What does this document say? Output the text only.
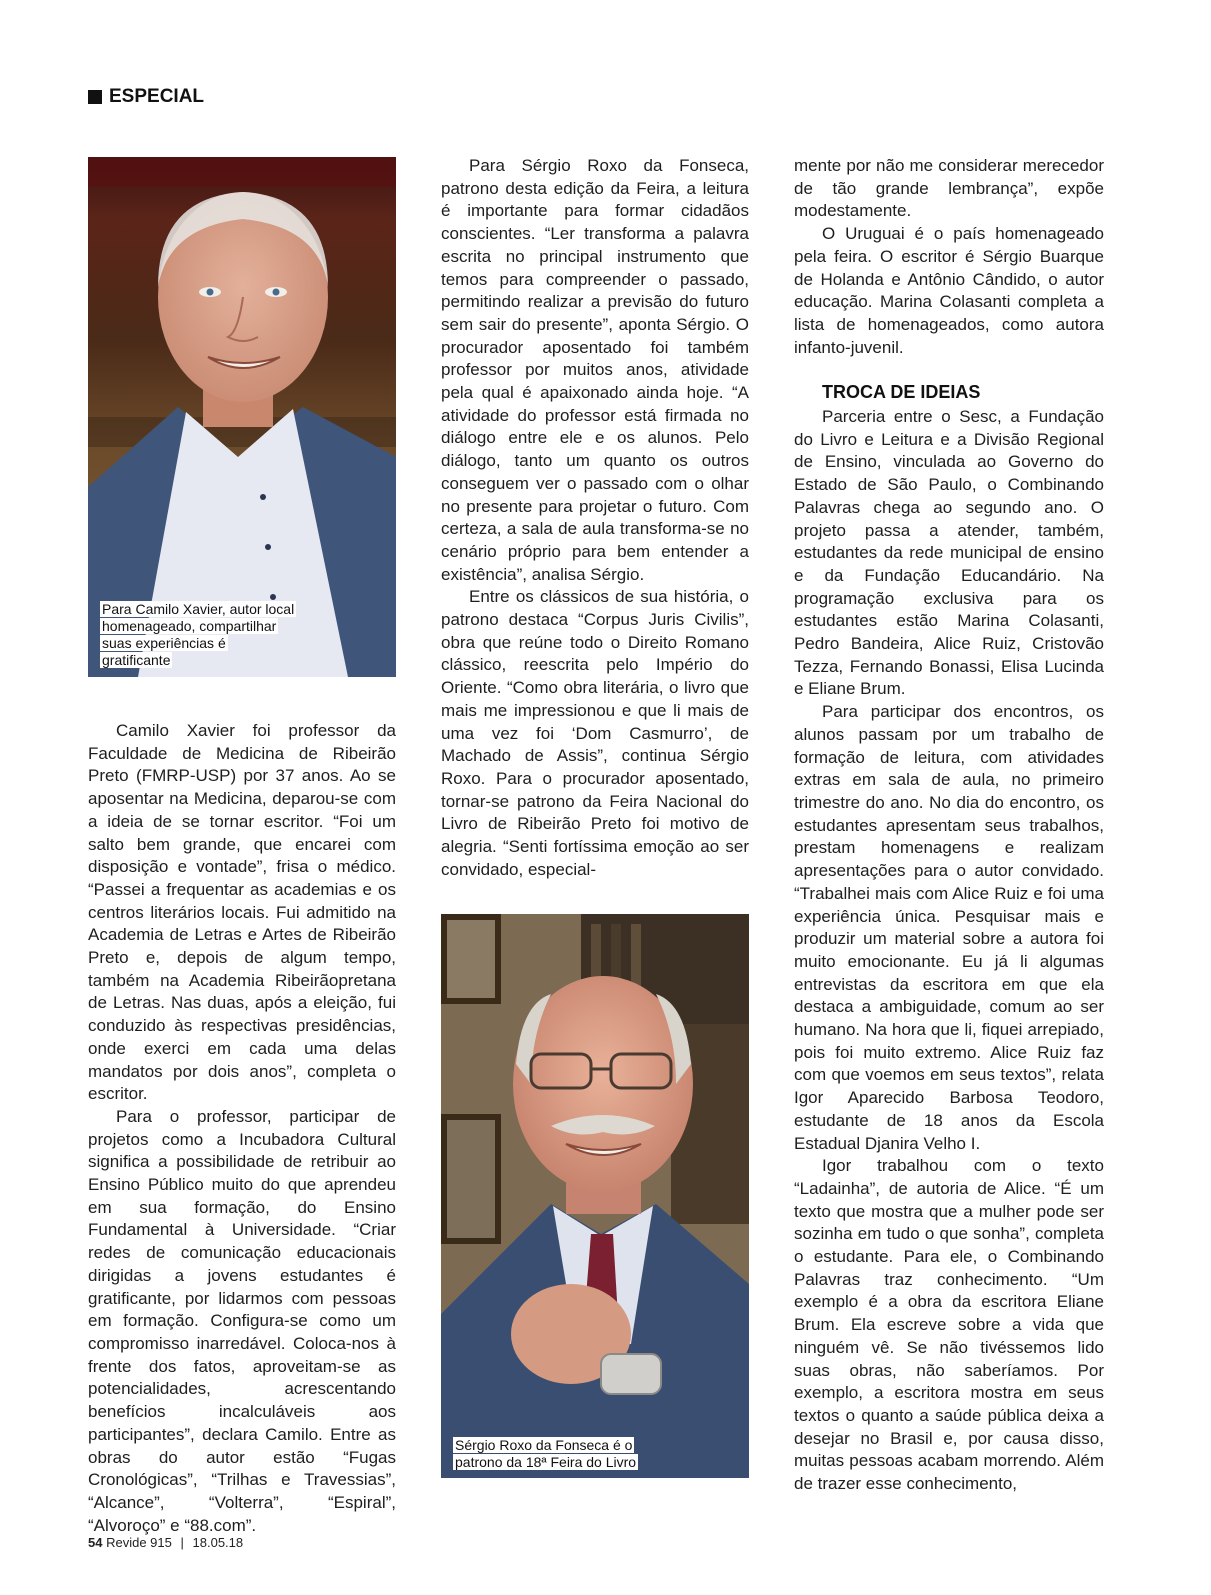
ESPECIAL
Para Camilo Xavier, autor local homenageado, compartilhar suas experiências é gratificante
Sérgio Roxo da Fonseca é o patrono da 18ª Feira do Livro

Camilo Xavier foi professor da Faculdade de Medicina de Ribeirão Preto (FMRP-USP) por 37 anos. Ao se aposentar na Medicina, deparou-se com a ideia de se tornar escritor. “Foi um salto bem grande, que encarei com disposição e vontade”, frisa o médico. “Passei a frequentar as academias e os centros literários locais. Fui admitido na Academia de Letras e Artes de Ribeirão Preto e, depois de algum tempo, também na Academia Ribeirãopretana de Letras. Nas duas, após a eleição, fui conduzido às respectivas presidências, onde exerci em cada uma delas mandatos por dois anos”, completa o escritor.

Para o professor, participar de projetos como a Incubadora Cultural significa a possibilidade de retribuir ao Ensino Público muito do que aprendeu em sua formação, do Ensino Fundamental à Universidade. “Criar redes de comunicação educacionais dirigidas a jovens estudantes é gratificante, por lidarmos com pessoas em formação. Configura-se como um compromisso inarredável. Coloca-nos à frente dos fatos, aproveitam-se as potencialidades, acrescentando benefícios incalculáveis aos participantes”, declara Camilo. Entre as obras do autor estão “Fugas Cronológicas”, “Trilhas e Travessias”, “Alcance”, “Volterra”, “Espiral”, “Alvoroço” e “88.com”.

Para Sérgio Roxo da Fonseca, patrono desta edição da Feira, a leitura é importante para formar cidadãos conscientes. “Ler transforma a palavra escrita no principal instrumento que temos para compreender o passado, permitindo realizar a previsão do futuro sem sair do presente”, aponta Sérgio. O procurador aposentado foi também professor por muitos anos, atividade pela qual é apaixonado ainda hoje. “A atividade do professor está firmada no diálogo entre ele e os alunos. Pelo diálogo, tanto um quanto os outros conseguem ver o passado com o olhar no presente para projetar o futuro. Com certeza, a sala de aula transforma-se no cenário próprio para bem entender a existência”, analisa Sérgio.

Entre os clássicos de sua história, o patrono destaca “Corpus Juris Civilis”, obra que reúne todo o Direito Romano clássico, reescrita pelo Império do Oriente. “Como obra literária, o livro que mais me impressionou e que li mais de uma vez foi ‘Dom Casmurro’, de Machado de Assis”, continua Sérgio Roxo. Para o procurador aposentado, tornar-se patrono da Feira Nacional do Livro de Ribeirão Preto foi motivo de alegria. “Senti fortíssima emoção ao ser convidado, especial-

mente por não me considerar merecedor de tão grande lembrança”, expõe modestamente.

O Uruguai é o país homenageado pela feira. O escritor é Sérgio Buarque de Holanda e Antônio Cândido, o autor educação. Marina Colasanti completa a lista de homenageados, como autora infanto-juvenil.

TROCA DE IDEIAS

Parceria entre o Sesc, a Fundação do Livro e Leitura e a Divisão Regional de Ensino, vinculada ao Governo do Estado de São Paulo, o Combinando Palavras chega ao segundo ano. O projeto passa a atender, também, estudantes da rede municipal de ensino e da Fundação Educandário. Na programação exclusiva para os estudantes estão Marina Colasanti, Pedro Bandeira, Alice Ruiz, Cristovão Tezza, Fernando Bonassi, Elisa Lucinda e Eliane Brum.

Para participar dos encontros, os alunos passam por um trabalho de formação de leitura, com atividades extras em sala de aula, no primeiro trimestre do ano. No dia do encontro, os estudantes apresentam seus trabalhos, prestam homenagens e realizam apresentações para o autor convidado. “Trabalhei mais com Alice Ruiz e foi uma experiência única. Pesquisar mais e produzir um material sobre a autora foi muito emocionante. Eu já li algumas entrevistas da escritora em que ela destaca a ambiguidade, comum ao ser humano. Na hora que li, fiquei arrepiado, pois foi muito extremo. Alice Ruiz faz com que voemos em seus textos”, relata Igor Aparecido Barbosa Teodoro, estudante de 18 anos da Escola Estadual Djanira Velho I.

Igor trabalhou com o texto “Ladainha”, de autoria de Alice. “É um texto que mostra que a mulher pode ser sozinha em tudo o que sonha”, completa o estudante. Para ele, o Combinando Palavras traz conhecimento. “Um exemplo é a obra da escritora Eliane Brum. Ela escreve sobre a vida que ninguém vê. Se não tivéssemos lido suas obras, não saberíamos. Por exemplo, a escritora mostra em seus textos o quanto a saúde pública deixa a desejar no Brasil e, por causa disso, muitas pessoas acabam morrendo. Além de trazer esse conhecimento,

54 Revide 915 | 18.05.18
